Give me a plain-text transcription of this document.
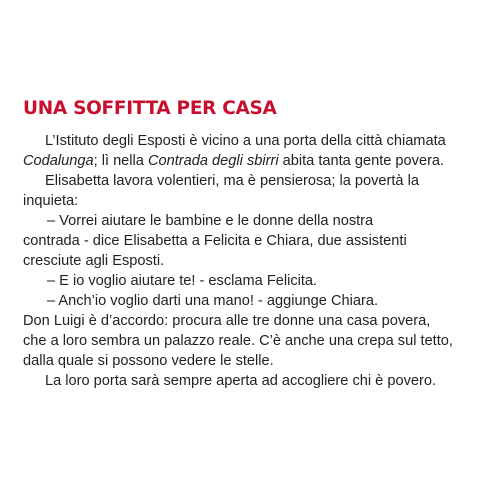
UNA SOFFITTA PER CASA
L’Istituto degli Esposti è vicino a una porta della città chiamata
Codalunga; lì nella Contrada degli sbirri abita tanta gente povera.
Elisabetta lavora volentieri, ma è pensierosa; la povertà la
inquieta:
– Vorrei aiutare le bambine e le donne della nostra
contrada - dice Elisabetta a Felicita e Chiara, due assistenti
cresciute agli Esposti.
– E io voglio aiutare te! - esclama Felicita.
– Anch’io voglio darti una mano! - aggiunge Chiara.
Don Luigi è d’accordo: procura alle tre donne una casa povera,
che a loro sembra un palazzo reale. C’è anche una crepa sul tetto,
dalla quale si possono vedere le stelle.
La loro porta sarà sempre aperta ad accogliere chi è povero.
